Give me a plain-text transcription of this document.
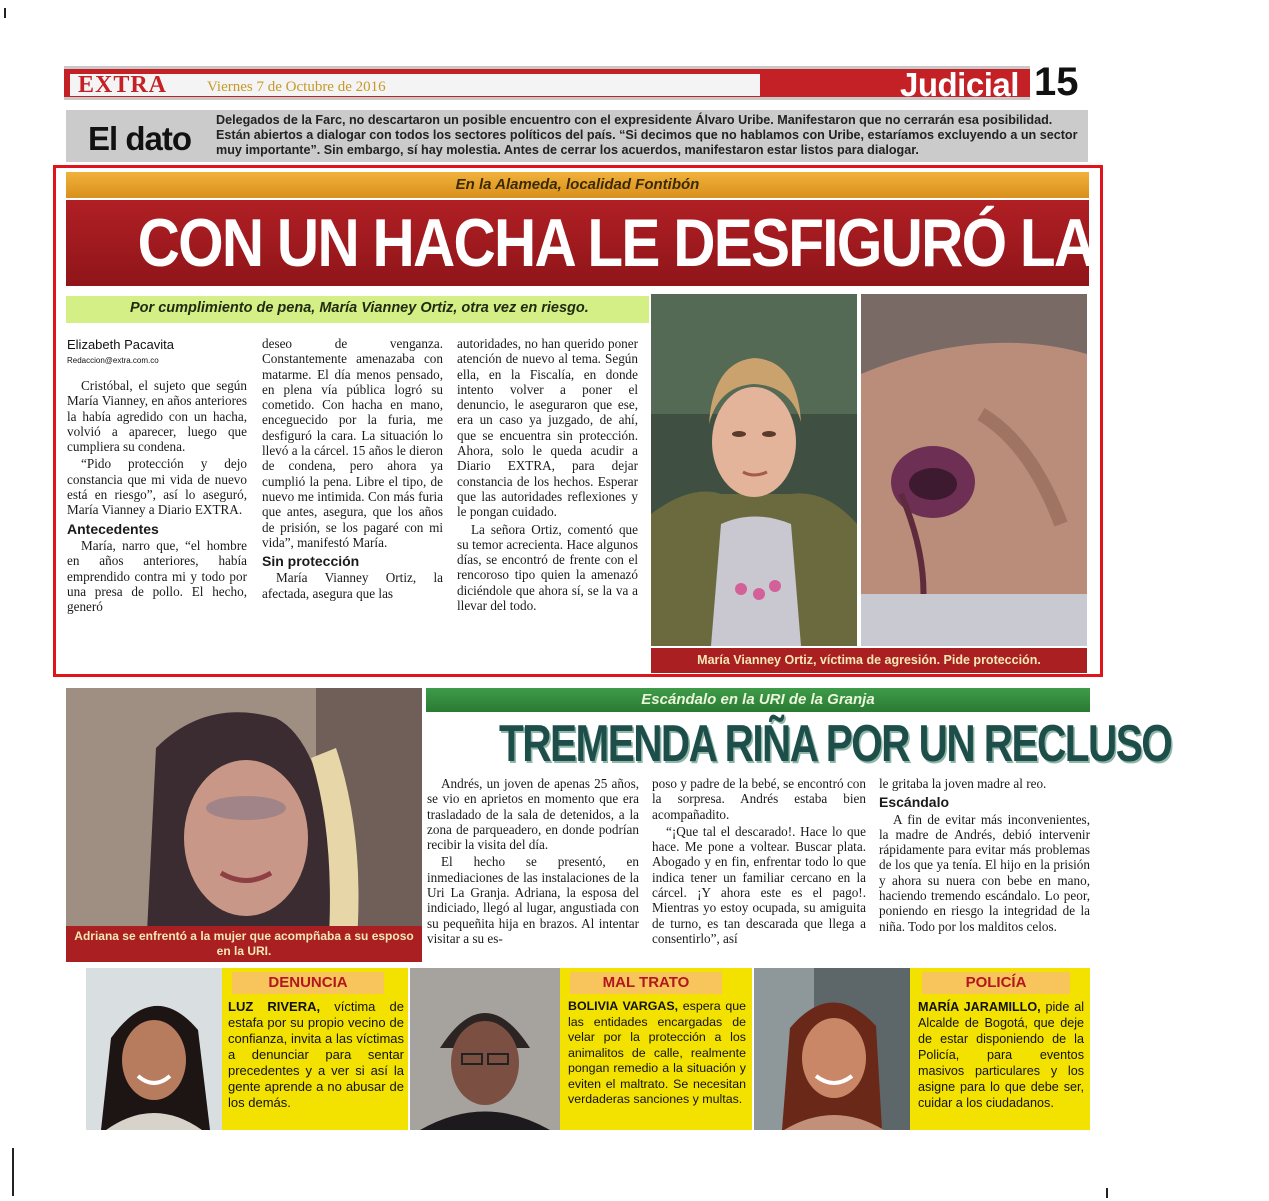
EXTRA	Viernes 7 de Octubre de 2016	Judicial 15
El dato Delegados de la Farc, no descartaron un posible encuentro con el expresidente Álvaro Uribe. Manifestaron que no cerrarán esa posibilidad. Están abiertos a dialogar con todos los sectores políticos del país. “Si decimos que no hablamos con Uribe, estaríamos excluyendo a un sector muy importante”. Sin embargo, sí hay molestia. Antes de cerrar los acuerdos, manifestaron estar listos para dialogar.
En la Alameda, localidad Fontibón
CON UN HACHA LE DESFIGURÓ LA CARA
Por cumplimiento de pena, María Vianney Ortiz, otra vez en riesgo.
Elizabeth Pacavita
Redaccion@extra.com.co

Cristóbal, el sujeto que según María Vianney, en años anteriores la había agredido con un hacha, volvió a aparecer, luego que cumpliera su condena.

“Pido protección y dejo constancia que mi vida de nuevo está en riesgo”, así lo aseguró, María Vianney a Diario EXTRA.

Antecedentes

María, narro que, “el hombre en años anteriores, había emprendido contra mi y todo por una presa de pollo. El hecho, generó

deseo de venganza. Constantemente amenazaba con matarme. El día menos pensado, en plena vía pública logró su cometido. Con hacha en mano, enceguecido por la furia, me desfiguró la cara. La situación lo llevó a la cárcel. 15 años le dieron de condena, pero ahora ya cumplió la pena. Libre el tipo, de nuevo me intimida. Con más furia que antes, asegura, que los años de prisión, se los pagaré con mi vida”, manifestó María.

Sin protección

María Vianney Ortiz, la afectada, asegura que las

autoridades, no han querido poner atención de nuevo al tema. Según ella, en la Fiscalía, en donde intento volver a poner el denuncio, le aseguraron que ese, era un caso ya juzgado, de ahí, que se encuentra sin protección. Ahora, solo le queda acudir a Diario EXTRA, para dejar constancia de los hechos. Esperar que las autoridades reflexiones y le pongan cuidado.

La señora Ortiz, comentó que su temor acrecienta. Hace algunos días, se encontró de frente con el rencoroso tipo quien la amenazó diciéndole que ahora sí, se la va a llevar del todo.

María Vianney Ortiz, víctima de agresión. Pide protección.
Adriana se enfrentó a la mujer que acompñaba a su esposo en la URI.
Escándalo en la URI de la Granja
TREMENDA RIÑA POR UN RECLUSO

Andrés, un joven de apenas 25 años, se vio en aprietos en momento que era trasladado de la sala de detenidos, a la zona de parqueadero, en donde podrían recibir la visita del día.

El hecho se presentó, en inmediaciones de las instalaciones de la Uri La Granja. Adriana, la esposa del indiciado, llegó al lugar, angustiada con su pequeñita hija en brazos. Al intentar visitar a su es-

poso y padre de la bebé, se encontró con la sorpresa. Andrés estaba bien acompañadito.

“¡Que tal el descarado!. Hace lo que hace. Me pone a voltear. Buscar plata. Abogado y en fin, enfrentar todo lo que indica tener un familiar cercano en la cárcel. ¡Y ahora este es el pago!. Mientras yo estoy ocupada, su amiguita de turno, es tan descarada que llega a consentirlo”, así

le gritaba la joven madre al reo.

Escándalo

A fin de evitar más inconvenientes, la madre de Andrés, debió intervenir rápidamente para evitar más problemas de los que ya tenía. El hijo en la prisión y ahora su nuera con bebe en mano, haciendo tremendo escándalo. Lo peor, poniendo en riesgo la integridad de la niña. Todo por los malditos celos.

DENUNCIA
LUZ RIVERA, víctima de estafa por su propio vecino de confianza, invita a las víctimas a denunciar para sentar precedentes y a ver si así la gente aprende a no abusar de los demás.
MAL TRATO
BOLIVIA VARGAS, espera que las entidades encargadas de velar por la protección a los animalitos de calle, realmente pongan remedio a la situación y eviten el maltrato. Se necesitan verdaderas sanciones y multas.
POLICÍA
MARÍA JARAMILLO, pide al Alcalde de Bogotá, que deje de estar disponiendo de la Policía, para eventos masivos particulares y los asigne para lo que debe ser, cuidar a los ciudadanos.
